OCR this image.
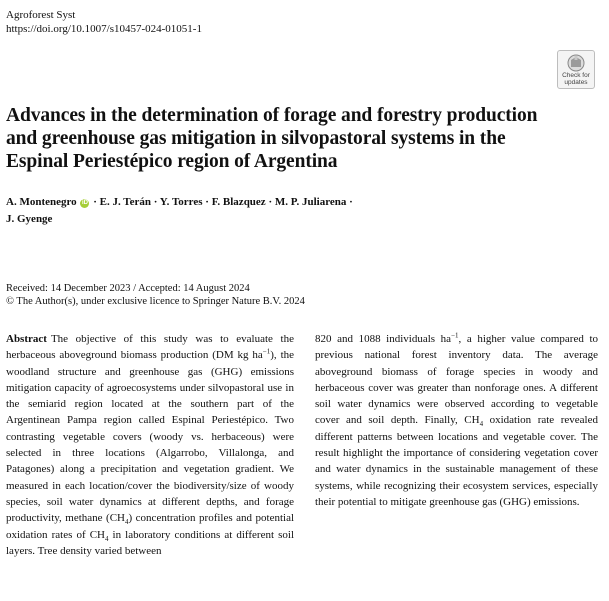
Agroforest Syst
https://doi.org/10.1007/s10457-024-01051-1
Check for
updates
Advances in the determination of forage and forestry production and greenhouse gas mitigation in silvopastoral systems in the Espinal Periestépico region of Argentina
A. Montenegro iD · E. J. Terán · Y. Torres · F. Blazquez · M. P. Juliarena ·
J. Gyenge
Received: 14 December 2023 / Accepted: 14 August 2024
© The Author(s), under exclusive licence to Springer Nature B.V. 2024
Abstract The objective of this study was to evaluate the herbaceous aboveground biomass production (DM kg $ha^{-1}$), the woodland structure and greenhouse gas (GHG) emissions mitigation capacity of agroecosystems under silvopastoral use in the semiarid region located at the southern part of the Argentinean Pampa region called Espinal Periestépico. Two contrasting vegetable covers (woody vs. herbaceous) were selected in three locations (Algarrobo, Villalonga, and Patagones) along a precipitation and vegetation gradient. We measured in each location/cover the biodiversity/size of woody species, soil water dynamics at different depths, and forage productivity, methane $(CH_4)$ concentration profiles and potential oxidation rates of $CH_4$ in laboratory conditions at different soil layers. Tree density varied between
820 and 1088 individuals $ha^{-1}$, a higher value compared to previous national forest inventory data. The average aboveground biomass of forage species in woody and herbaceous cover was greater than nonforage ones. A different soil water dynamics were observed according to vegetable cover and soil depth. Finally, $CH_4$ oxidation rate revealed different patterns between locations and vegetable cover. The result highlight the importance of considering vegetation cover and water dynamics in the sustainable management of these systems, while recognizing their ecosystem services, especially their potential to mitigate greenhouse gas (GHG) emissions.
